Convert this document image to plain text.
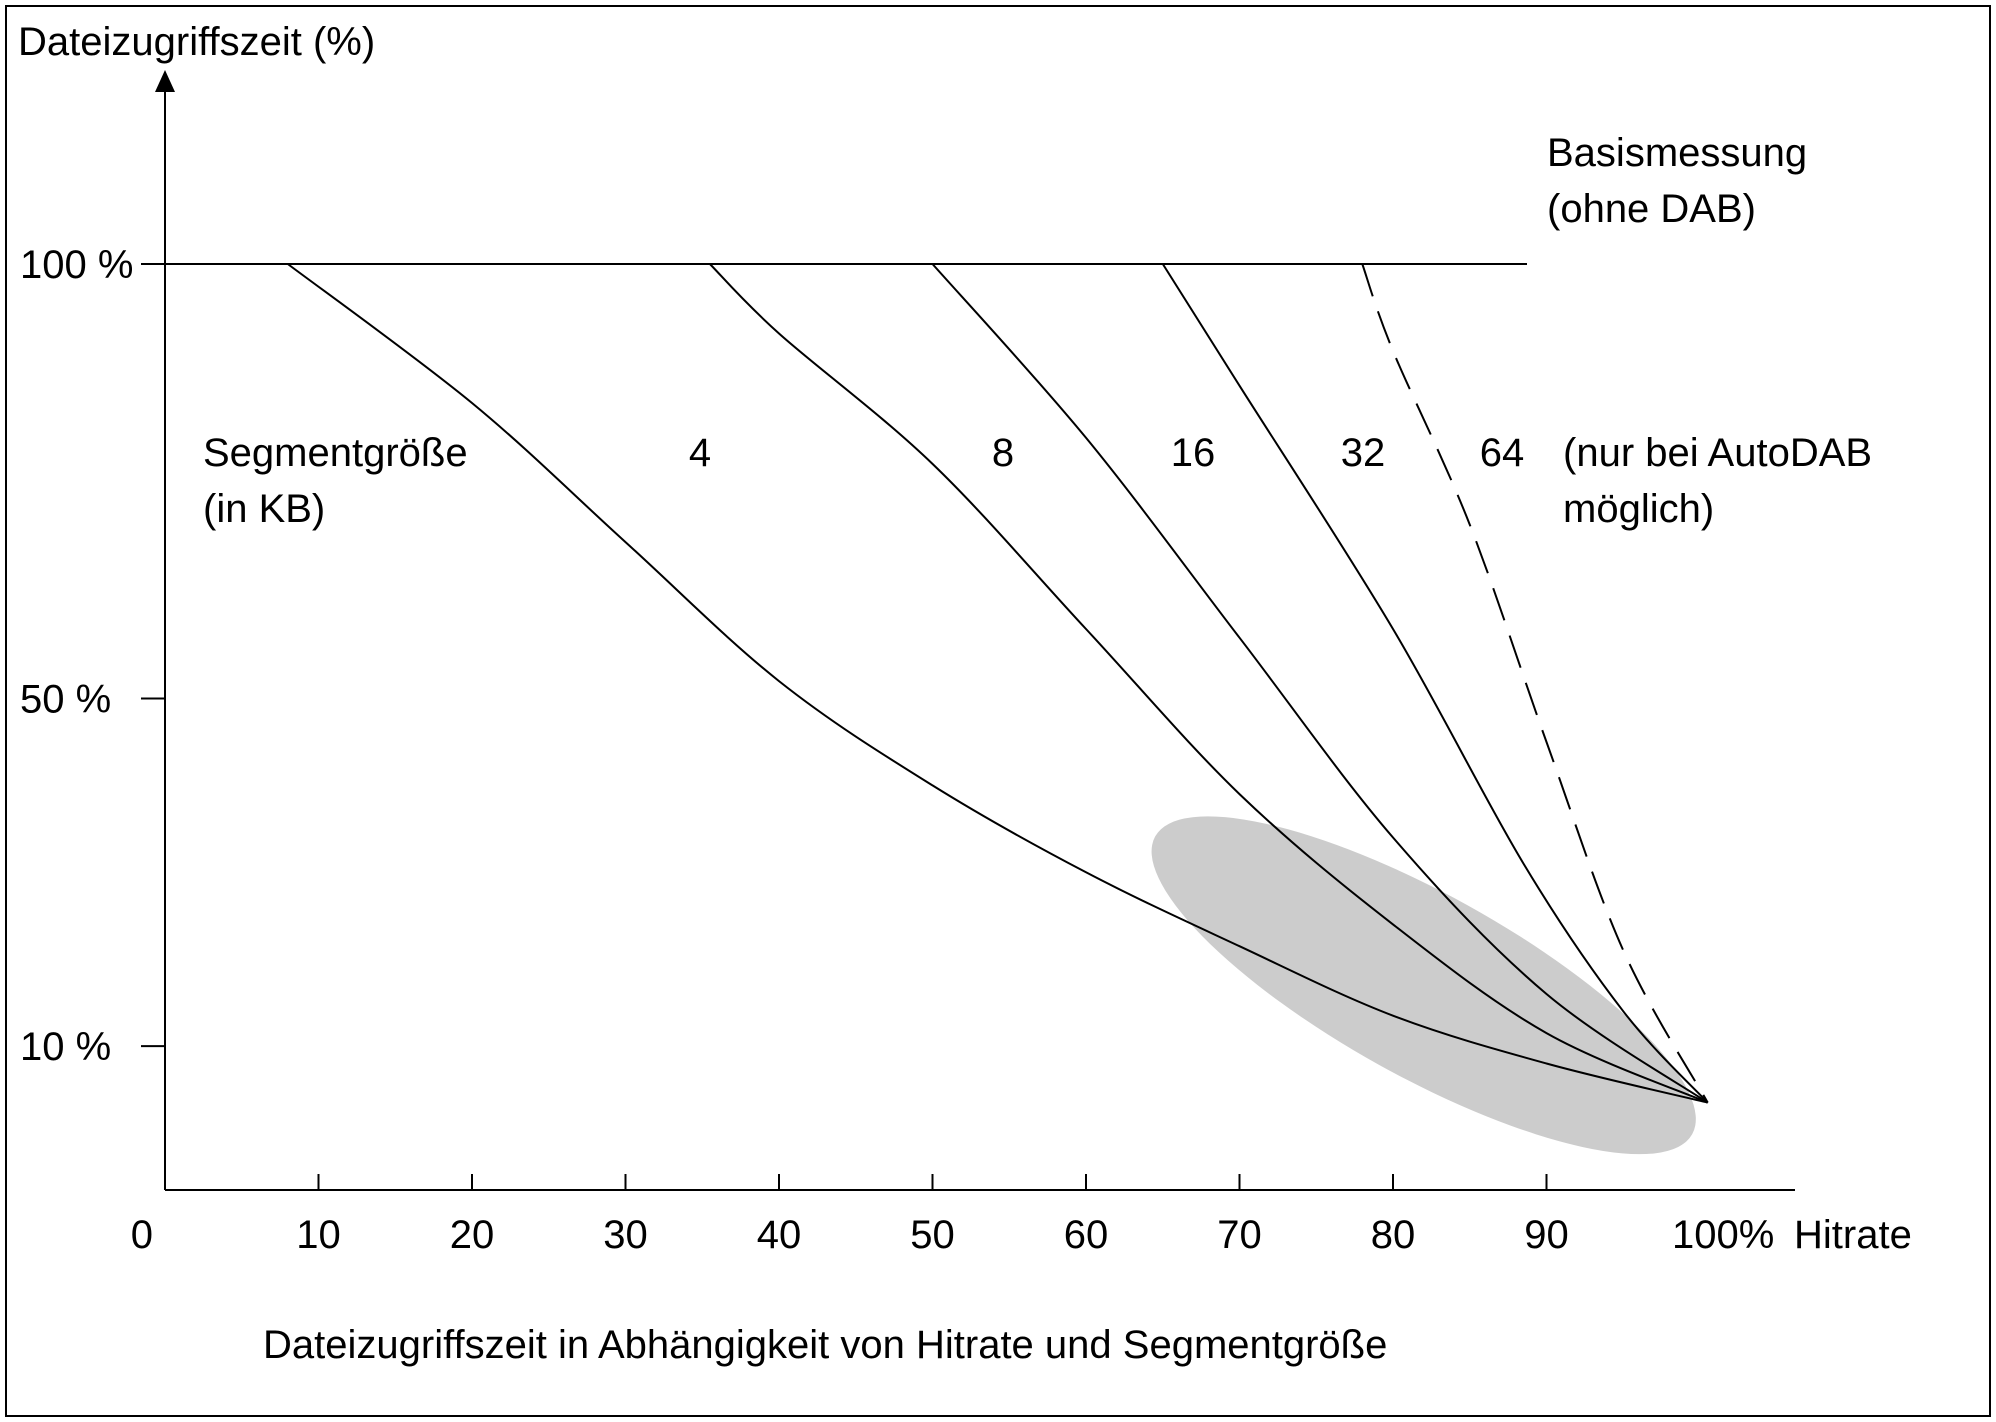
0	10	20	30	40	50	60	70	80	90	100%
100 %
50 %
10 %
Dateizugriffszeit (%)
Hitrate
Dateizugriffszeit in Abhängigkeit von Hitrate und Segmentgröße
Basismessung
(ohne DAB)
Segmentgröße
(in KB)
(nur bei AutoDAB
möglich)
4	8	16	32 64
